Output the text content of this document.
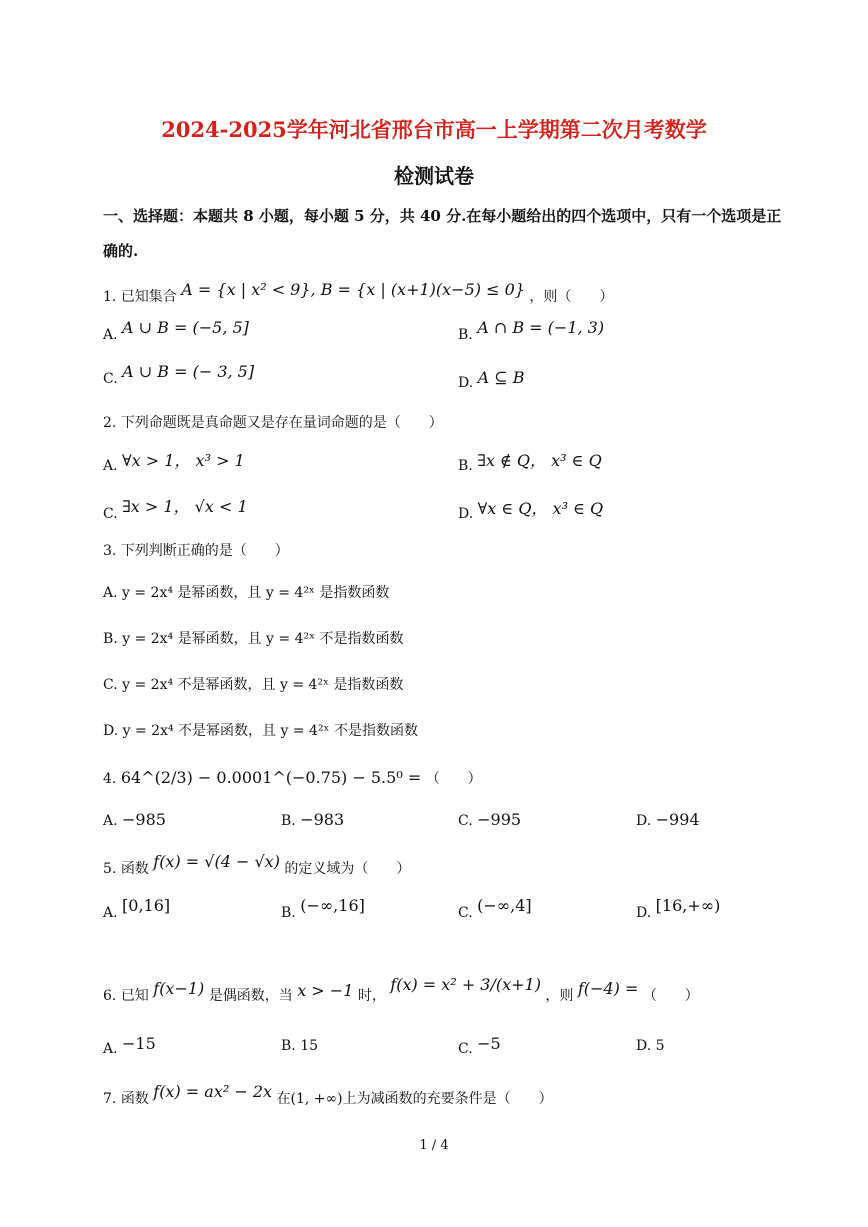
2024-2025学年河北省邢台市高一上学期第二次月考数学
检测试卷
一、选择题：本题共 8 小题，每小题 5 分，共 40 分.在每小题给出的四个选项中，只有一个选项是正
确的.
1. 已知集合 A = {x | x² < 9}, B = {x | (x+1)(x−5) ≤ 0} ，则（　　）
A. A ∪ B = (−5, 5]	B. A ∩ B = (−1, 3)
C. A ∪ B = (− 3, 5]
D. A ⊆ B
2. 下列命题既是真命题又是存在量词命题的是（　　）
A. ∀x > 1， x³ > 1	B. ∃x ∉ Q， x³ ∈ Q
C. ∃x > 1， √x < 1	D. ∀x ∈ Q， x³ ∈ Q
3. 下列判断正确的是（　　）
A. y = 2x⁴ 是幂函数，且 y = 4²ˣ 是指数函数
B. y = 2x⁴ 是幂函数，且 y = 4²ˣ 不是指数函数
C. y = 2x⁴ 不是幂函数，且 y = 4²ˣ 是指数函数
D. y = 2x⁴ 不是幂函数，且 y = 4²ˣ 不是指数函数
4. 64^(2/3) − 0.0001^(−0.75) − 5.5⁰ = （　　）
A. −985	B. −983	C. −995	D. −994
5. 函数 f(x) = √(4 − √x) 的定义域为（　　）
A. [0,16]	B. (−∞,16]	C. (−∞,4]	D. [16,+∞)
6. 已知 f(x−1) 是偶函数，当 x > −1 时， f(x) = x² + 3/(x+1) ，则 f(−4) = （　　）
A. −15	B. 15	C. −5	D. 5
7. 函数 f(x) = ax² − 2x 在(1, +∞)上为减函数的充要条件是（　　）
1 / 4
